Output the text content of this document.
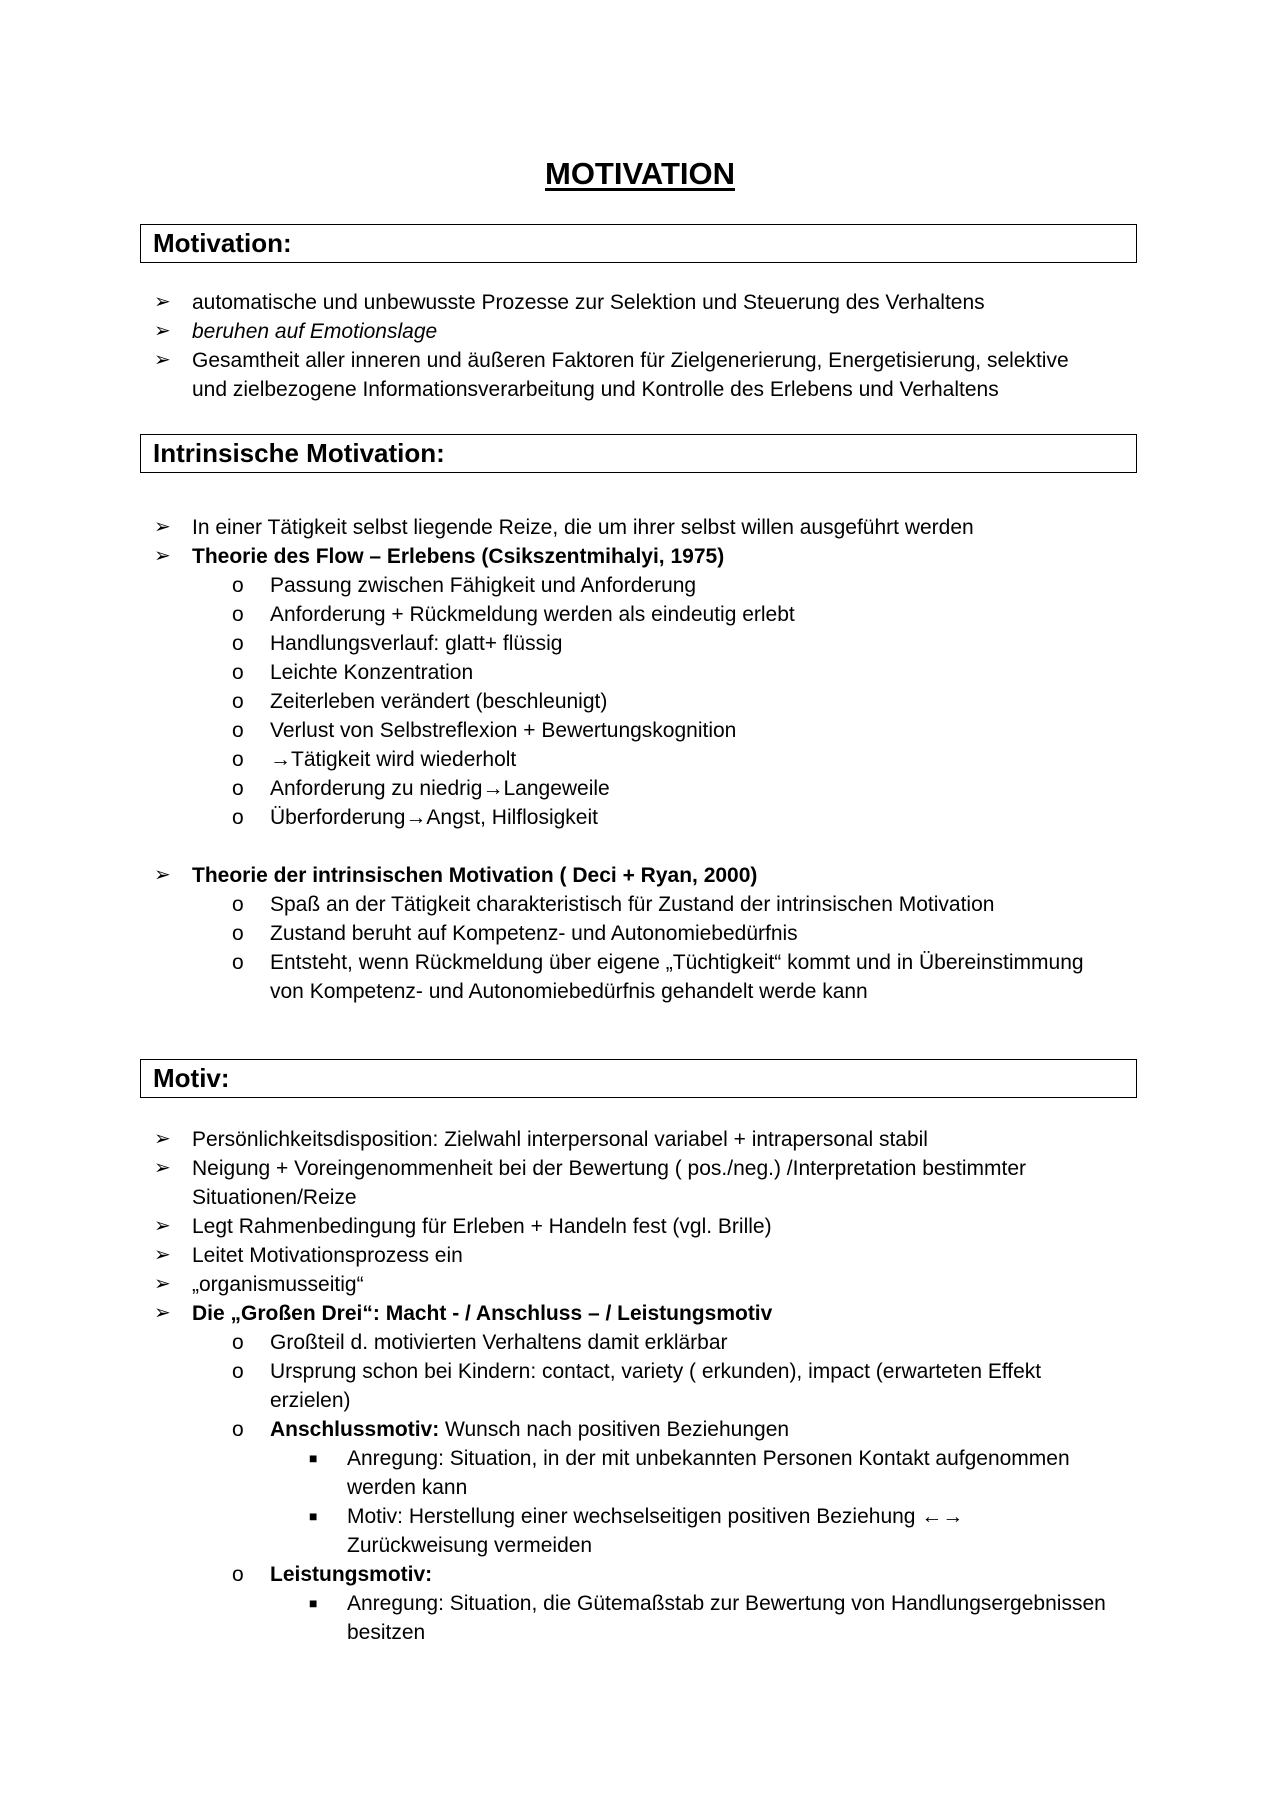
MOTIVATION
Motivation:
➢ automatische und unbewusste Prozesse zur Selektion und Steuerung des Verhaltens
➢ beruhen auf Emotionslage
➢ Gesamtheit aller inneren und äußeren Faktoren für Zielgenerierung, Energetisierung, selektive
und zielbezogene Informationsverarbeitung und Kontrolle des Erlebens und Verhaltens
Intrinsische Motivation:
➢ In einer Tätigkeit selbst liegende Reize, die um ihrer selbst willen ausgeführt werden
➢ Theorie des Flow – Erlebens (Csikszentmihalyi, 1975)
o Passung zwischen Fähigkeit und Anforderung
o Anforderung + Rückmeldung werden als eindeutig erlebt
o Handlungsverlauf: glatt+ flüssig
o Leichte Konzentration
o Zeiterleben verändert (beschleunigt)
o Verlust von Selbstreflexion + Bewertungskognition
o →Tätigkeit wird wiederholt
o Anforderung zu niedrig→Langeweile
o Überforderung→Angst, Hilflosigkeit
➢ Theorie der intrinsischen Motivation ( Deci + Ryan, 2000)
o Spaß an der Tätigkeit charakteristisch für Zustand der intrinsischen Motivation
o Zustand beruht auf Kompetenz- und Autonomiebedürfnis
o Entsteht, wenn Rückmeldung über eigene „Tüchtigkeit“ kommt und in Übereinstimmung
von Kompetenz- und Autonomiebedürfnis gehandelt werde kann
Motiv:
➢ Persönlichkeitsdisposition: Zielwahl interpersonal variabel + intrapersonal stabil
➢ Neigung + Voreingenommenheit bei der Bewertung ( pos./neg.) /Interpretation bestimmter
Situationen/Reize
➢ Legt Rahmenbedingung für Erleben + Handeln fest (vgl. Brille)
➢ Leitet Motivationsprozess ein
➢ „organismusseitig“
➢ Die „Großen Drei“: Macht - / Anschluss – / Leistungsmotiv
o Großteil d. motivierten Verhaltens damit erklärbar
o Ursprung schon bei Kindern: contact, variety ( erkunden), impact (erwarteten Effekt
erzielen)
o Anschlussmotiv: Wunsch nach positiven Beziehungen
■ Anregung: Situation, in der mit unbekannten Personen Kontakt aufgenommen
werden kann
■ Motiv: Herstellung einer wechselseitigen positiven Beziehung ←→
Zurückweisung vermeiden
o Leistungsmotiv:
■ Anregung: Situation, die Gütemaßstab zur Bewertung von Handlungsergebnissen
besitzen
